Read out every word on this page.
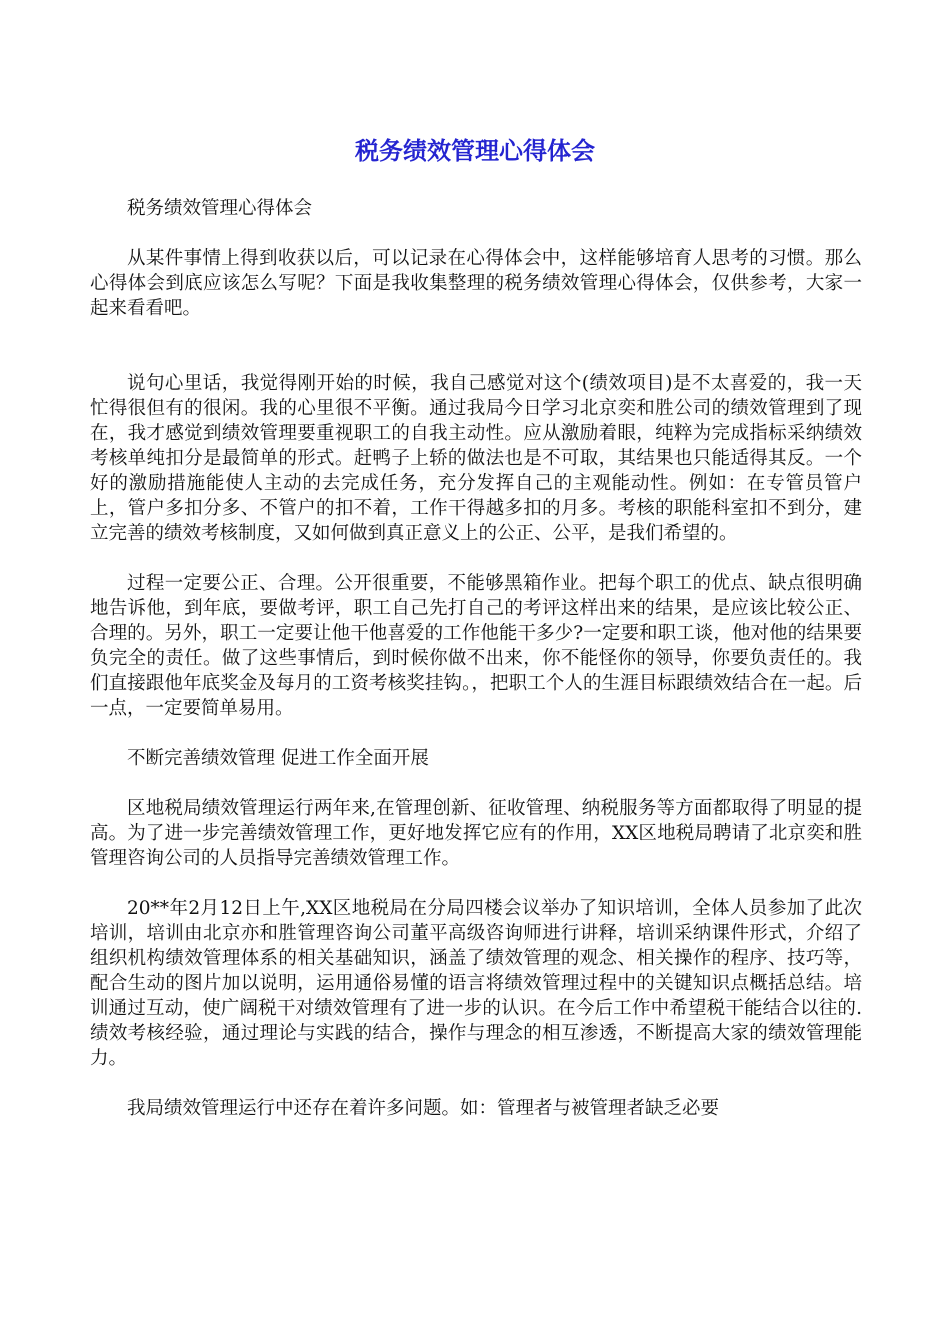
税务绩效管理心得体会

税务绩效管理心得体会

从某件事情上得到收获以后，可以记录在心得体会中，这样能够培育人思考的习惯。那么心得体会到底应该怎么写呢？下面是我收集整理的税务绩效管理心得体会，仅供参考，大家一起来看看吧。

说句心里话，我觉得刚开始的时候，我自己感觉对这个(绩效项目)是不太喜爱的，我一天忙得很但有的很闲。我的心里很不平衡。通过我局今日学习北京奕和胜公司的绩效管理到了现在，我才感觉到绩效管理要重视职工的自我主动性。应从激励着眼，纯粹为完成指标采纳绩效考核单纯扣分是最简单的形式。赶鸭子上轿的做法也是不可取，其结果也只能适得其反。一个好的激励措施能使人主动的去完成任务，充分发挥自己的主观能动性。例如：在专管员管户上，管户多扣分多、不管户的扣不着，工作干得越多扣的月多。考核的职能科室扣不到分，建立完善的绩效考核制度，又如何做到真正意义上的公正、公平，是我们希望的。

过程一定要公正、合理。公开很重要，不能够黑箱作业。把每个职工的优点、缺点很明确地告诉他，到年底，要做考评，职工自己先打自己的考评这样出来的结果，是应该比较公正、合理的。另外，职工一定要让他干他喜爱的工作他能干多少?一定要和职工谈，他对他的结果要负完全的责任。做了这些事情后，到时候你做不出来，你不能怪你的领导，你要负责任的。我们直接跟他年底奖金及每月的工资考核奖挂钩。，把职工个人的生涯目标跟绩效结合在一起。后一点，一定要简单易用。

不断完善绩效管理 促进工作全面开展

区地税局绩效管理运行两年来,在管理创新、征收管理、纳税服务等方面都取得了明显的提高。为了进一步完善绩效管理工作，更好地发挥它应有的作用，XX区地税局聘请了北京奕和胜管理咨询公司的人员指导完善绩效管理工作。

20**年2月12日上午,XX区地税局在分局四楼会议举办了知识培训，全体人员参加了此次培训，培训由北京亦和胜管理咨询公司董平高级咨询师进行讲释，培训采纳课件形式，介绍了组织机构绩效管理体系的相关基础知识，涵盖了绩效管理的观念、相关操作的程序、技巧等，配合生动的图片加以说明，运用通俗易懂的语言将绩效管理过程中的关键知识点概括总结。培训通过互动，使广阔税干对绩效管理有了进一步的认识。在今后工作中希望税干能结合以往的.绩效考核经验，通过理论与实践的结合，操作与理念的相互渗透，不断提高大家的绩效管理能力。

我局绩效管理运行中还存在着许多问题。如：管理者与被管理者缺乏必要
